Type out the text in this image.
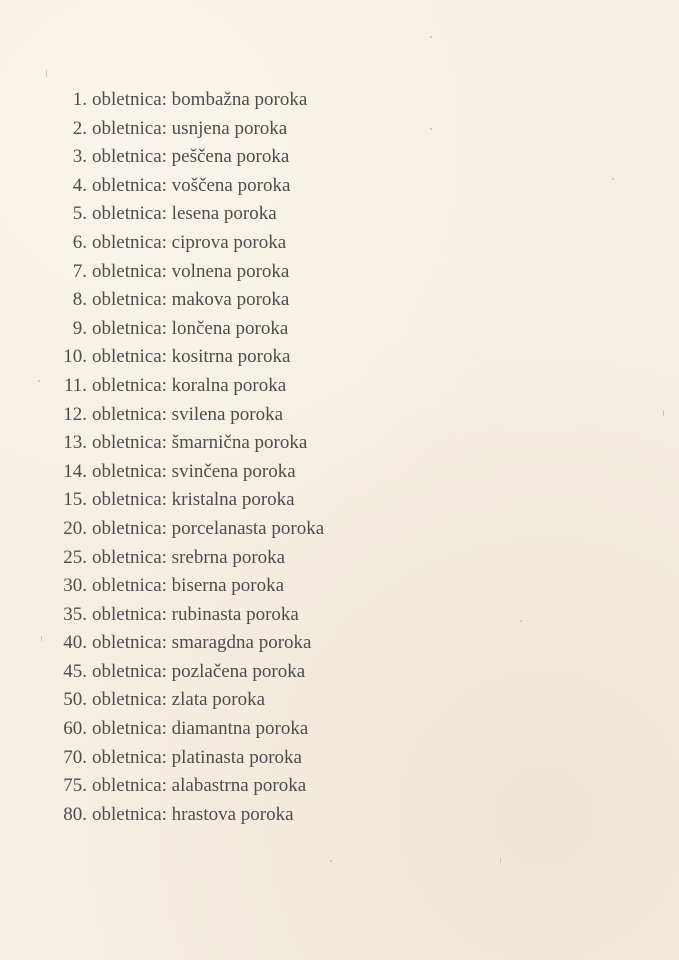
1. obletnica: bombažna poroka
2. obletnica: usnjena poroka
3. obletnica: peščena poroka
4. obletnica: voščena poroka
5. obletnica: lesena poroka
6. obletnica: ciprova poroka
7. obletnica: volnena poroka
8. obletnica: makova poroka
9. obletnica: lončena poroka
10. obletnica: kositrna poroka
11. obletnica: koralna poroka
12. obletnica: svilena poroka
13. obletnica: šmarnična poroka
14. obletnica: svinčena poroka
15. obletnica: kristalna poroka
20. obletnica: porcelanasta poroka
25. obletnica: srebrna poroka
30. obletnica: biserna poroka
35. obletnica: rubinasta poroka
40. obletnica: smaragdna poroka
45. obletnica: pozlačena poroka
50. obletnica: zlata poroka
60. obletnica: diamantna poroka
70. obletnica: platinasta poroka
75. obletnica: alabastrna poroka
80. obletnica: hrastova poroka
